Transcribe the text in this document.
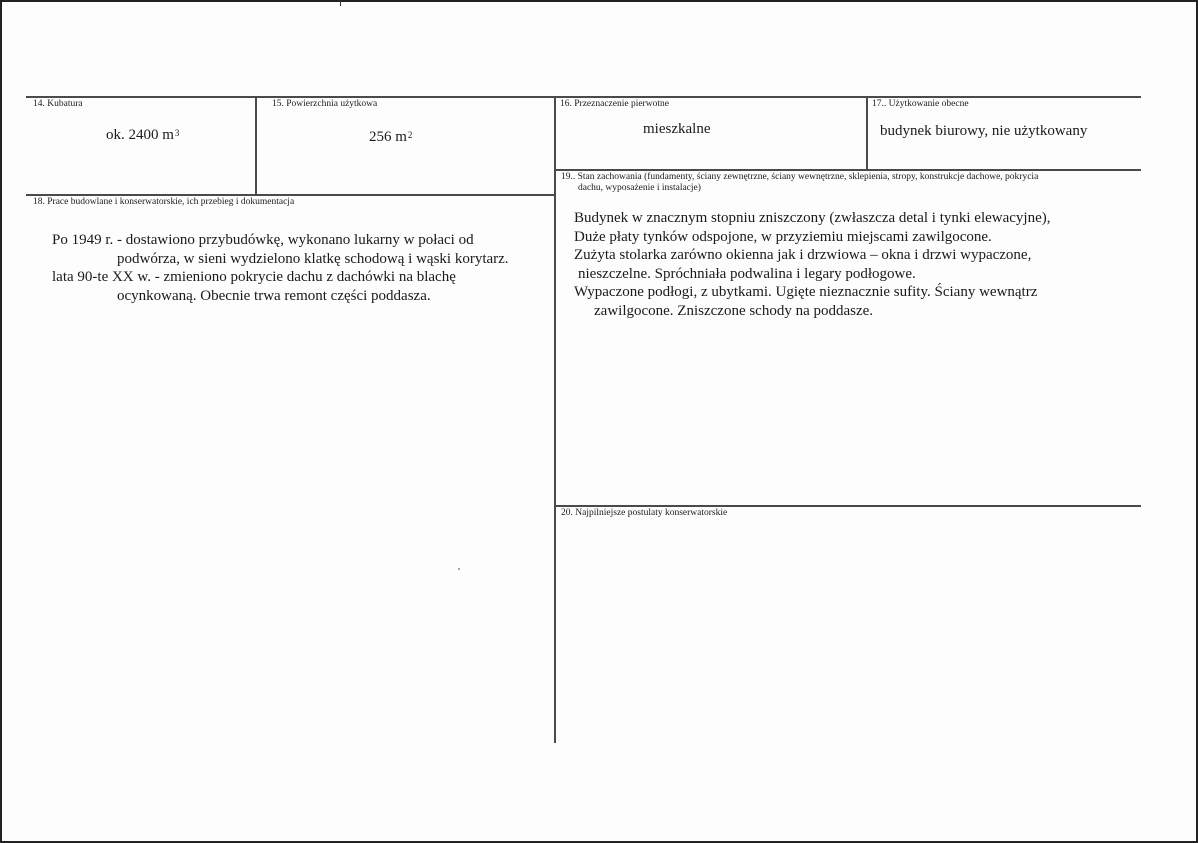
14. Kubatura
ok. 2400 $m^3$
15. Powierzchnia użytkowa
256 $m^2$
16. Przeznaczenie pierwotne
mieszkalne
17.. Użytkowanie obecne
budynek biurowy, nie użytkowany
18. Prace budowlane i konserwatorskie, ich przebieg i dokumentacja
Po 1949 r. - dostawiono przybudówkę, wykonano lukarny w połaci od
podwórza, w sieni wydzielono klatkę schodową i wąski korytarz.
lata 90-te XX w. - zmieniono pokrycie dachu z dachówki na blachę
ocynkowaną. Obecnie trwa remont części poddasza.
19.. Stan zachowania (fundamenty, ściany zewnętrzne, ściany wewnętrzne, sklepienia, stropy, konstrukcje dachowe, pokrycia
dachu, wyposażenie i instalacje)
Budynek w znacznym stopniu zniszczony (zwłaszcza detal i tynki elewacyjne),
Duże płaty tynków odspojone, w przyziemiu miejscami zawilgocone.
Zużyta stolarka zarówno okienna jak i drzwiowa – okna i drzwi wypaczone,
nieszczelne. Spróchniała podwalina i legary podłogowe.
Wypaczone podłogi, z ubytkami. Ugięte nieznacznie sufity. Ściany wewnątrz
zawilgocone. Zniszczone schody na poddasze.
20. Najpilniejsze postulaty konserwatorskie
